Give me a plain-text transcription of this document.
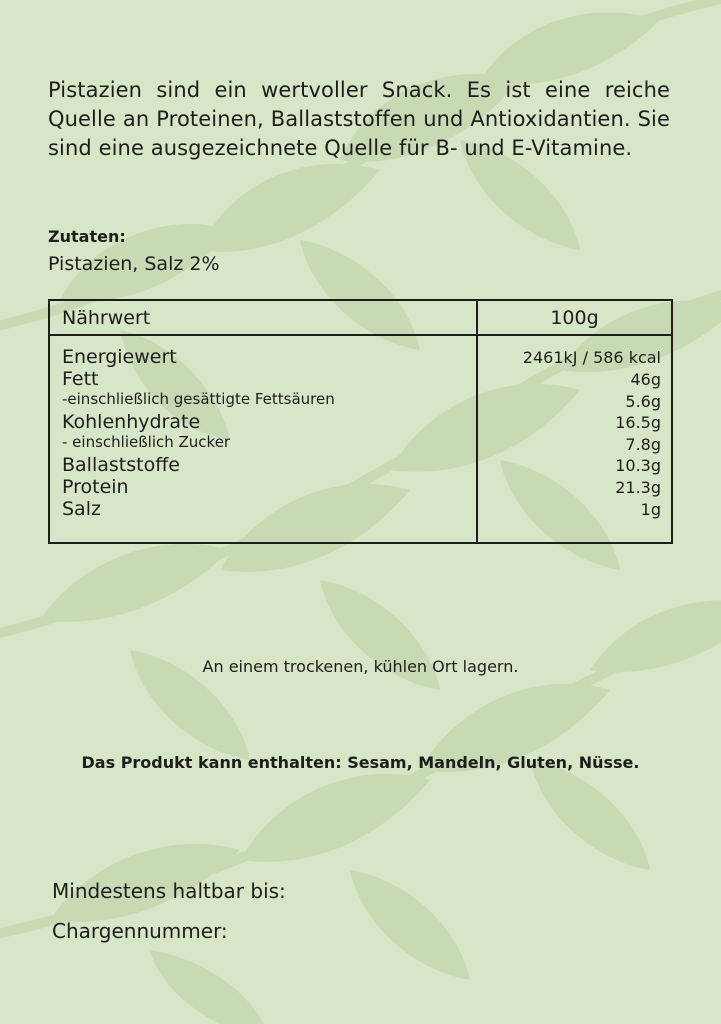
Pistazien sind ein wertvoller Snack. Es ist eine reiche Quelle an Proteinen, Ballaststoffen und Antioxidantien. Sie sind eine ausgezeichnete Quelle für B- und E-Vitamine.
Zutaten:
Pistazien, Salz 2%
Nährwert	100g
Energiewert	2461kJ / 586 kcal
Fett	46g
-einschließlich gesättigte Fettsäuren	5.6g
Kohlenhydrate	16.5g
- einschließlich Zucker	7.8g
Ballaststoffe	10.3g
Protein	21.3g
Salz	1g
An einem trockenen, kühlen Ort lagern.
Das Produkt kann enthalten: Sesam, Mandeln, Gluten, Nüsse.
Mindestens haltbar bis:
Chargennummer:
